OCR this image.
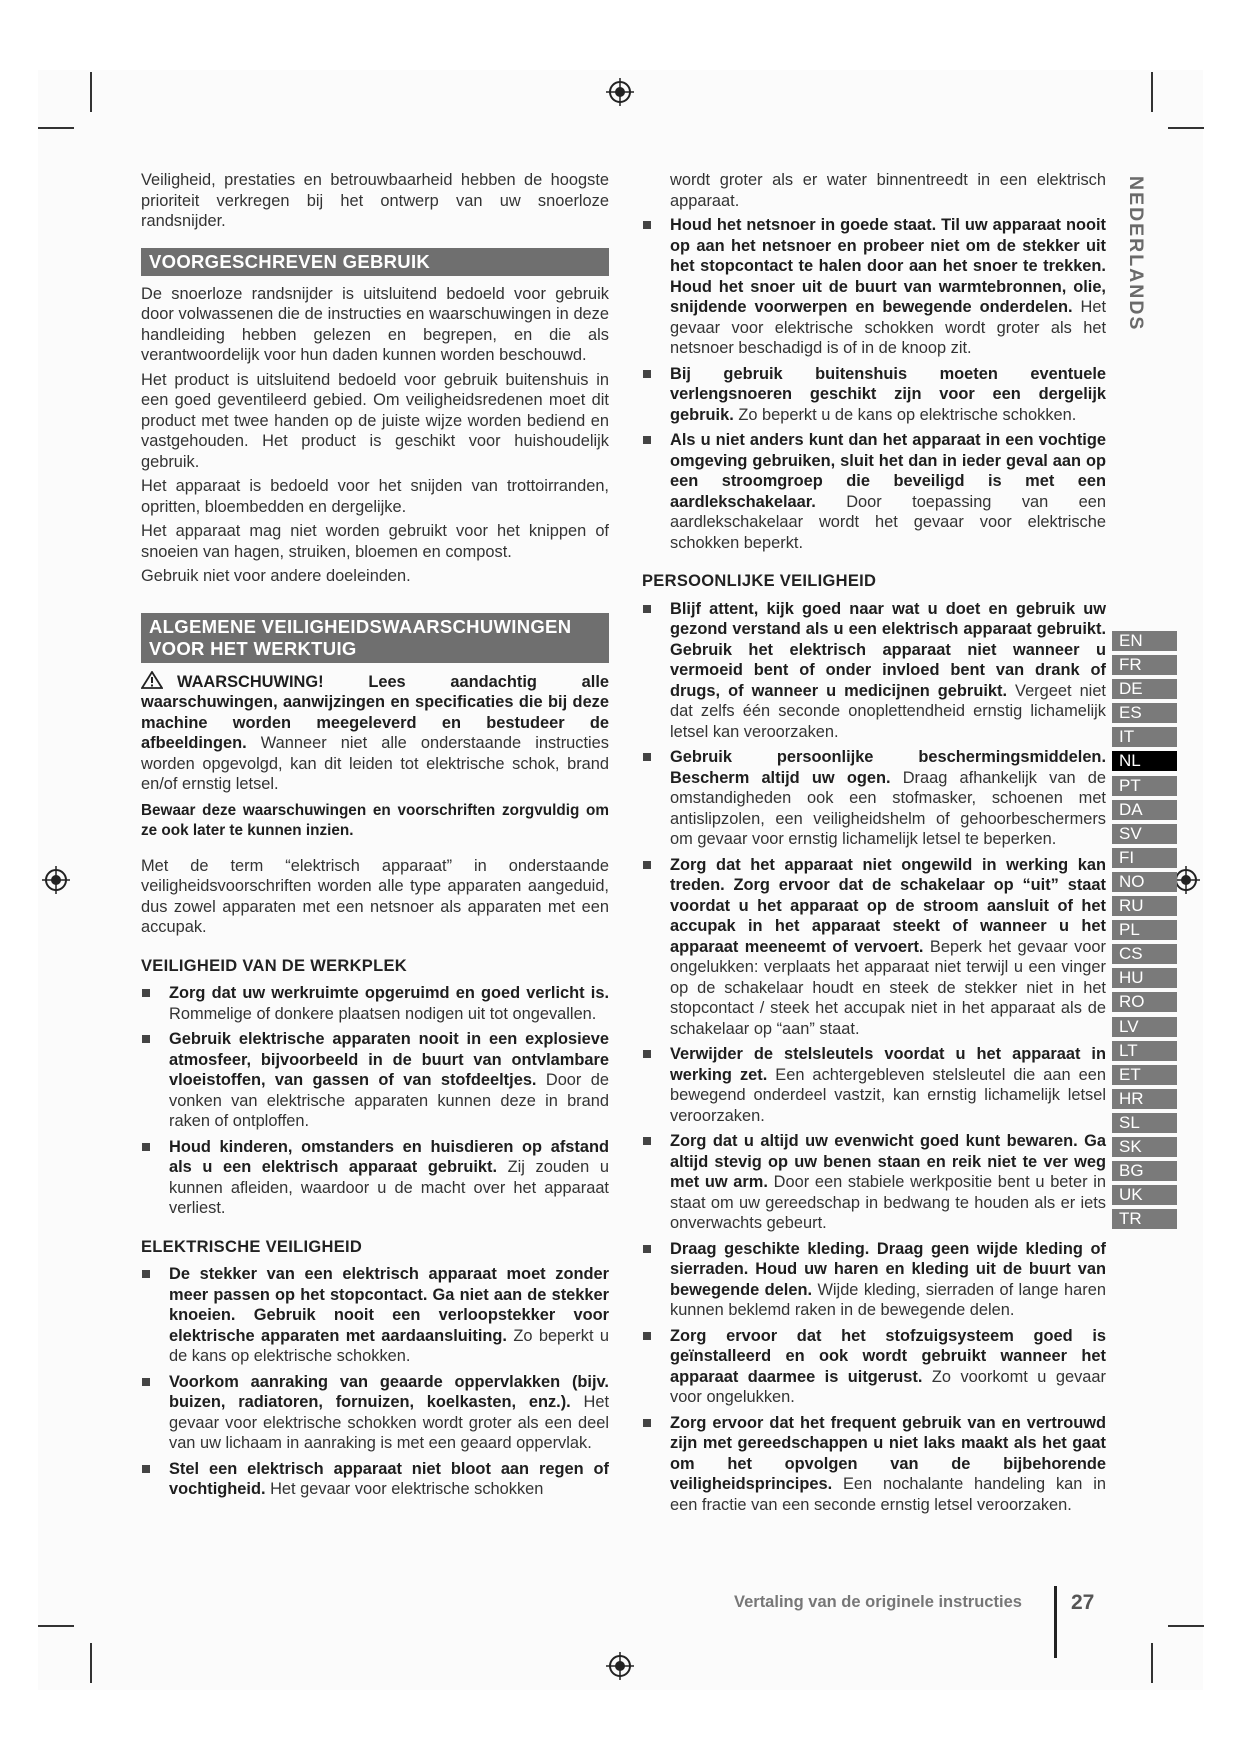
Veiligheid, prestaties en betrouwbaarheid hebben de hoogste prioriteit verkregen bij het ontwerp van uw snoerloze randsnijder.

VOORGESCHREVEN GEBRUIK

De snoerloze randsnijder is uitsluitend bedoeld voor gebruik door volwassenen die de instructies en waarschuwingen in deze handleiding hebben gelezen en begrepen, en die als verantwoordelijk voor hun daden kunnen worden beschouwd.

Het product is uitsluitend bedoeld voor gebruik buitenshuis in een goed geventileerd gebied. Om veiligheidsredenen moet dit product met twee handen op de juiste wijze worden bediend en vastgehouden. Het product is geschikt voor huishoudelijk gebruik.

Het apparaat is bedoeld voor het snijden van trottoirranden, opritten, bloembedden en dergelijke.

Het apparaat mag niet worden gebruikt voor het knippen of snoeien van hagen, struiken, bloemen en compost.

Gebruik niet voor andere doeleinden.

ALGEMENE VEILIGHEIDSWAARSCHUWINGEN VOOR HET WERKTUIG

WAARSCHUWING! Lees aandachtig alle waarschuwingen, aanwijzingen en specificaties die bij deze machine worden meegeleverd en bestudeer de afbeeldingen. Wanneer niet alle onderstaande instructies worden opgevolgd, kan dit leiden tot elektrische schok, brand en/of ernstig letsel.

Bewaar deze waarschuwingen en voorschriften zorgvuldig om ze ook later te kunnen inzien.

Met de term “elektrisch apparaat” in onderstaande veiligheidsvoorschriften worden alle type apparaten aangeduid, dus zowel apparaten met een netsnoer als apparaten met een accupak.

VEILIGHEID VAN DE WERKPLEK
Zorg dat uw werkruimte opgeruimd en goed verlicht is. Rommelige of donkere plaatsen nodigen uit tot ongevallen.
Gebruik elektrische apparaten nooit in een explosieve atmosfeer, bijvoorbeeld in de buurt van ontvlambare vloeistoffen, van gassen of van stofdeeltjes. Door de vonken van elektrische apparaten kunnen deze in brand raken of ontploffen.
Houd kinderen, omstanders en huisdieren op afstand als u een elektrisch apparaat gebruikt. Zij zouden u kunnen afleiden, waardoor u de macht over het apparaat verliest.
ELEKTRISCHE VEILIGHEID
De stekker van een elektrisch apparaat moet zonder meer passen op het stopcontact. Ga niet aan de stekker knoeien. Gebruik nooit een verloopstekker voor elektrische apparaten met aardaansluiting. Zo beperkt u de kans op elektrische schokken.
Voorkom aanraking van geaarde oppervlakken (bijv. buizen, radiatoren, fornuizen, koelkasten, enz.). Het gevaar voor elektrische schokken wordt groter als een deel van uw lichaam in aanraking is met een geaard oppervlak.
Stel een elektrisch apparaat niet bloot aan regen of vochtigheid. Het gevaar voor elektrische schokken

wordt groter als er water binnentreedt in een elektrisch apparaat.

Houd het netsnoer in goede staat. Til uw apparaat nooit op aan het netsnoer en probeer niet om de stekker uit het stopcontact te halen door aan het snoer te trekken. Houd het snoer uit de buurt van warmtebronnen, olie, snijdende voorwerpen en bewegende onderdelen. Het gevaar voor elektrische schokken wordt groter als het netsnoer beschadigd is of in de knoop zit.
Bij gebruik buitenshuis moeten eventuele verlengsnoeren geschikt zijn voor een dergelijk gebruik. Zo beperkt u de kans op elektrische schokken.
Als u niet anders kunt dan het apparaat in een vochtige omgeving gebruiken, sluit het dan in ieder geval aan op een stroomgroep die beveiligd is met een aardlekschakelaar. Door toepassing van een aardlekschakelaar wordt het gevaar voor elektrische schokken beperkt.
PERSOONLIJKE VEILIGHEID
Blijf attent, kijk goed naar wat u doet en gebruik uw gezond verstand als u een elektrisch apparaat gebruikt. Gebruik het elektrisch apparaat niet wanneer u vermoeid bent of onder invloed bent van drank of drugs, of wanneer u medicijnen gebruikt. Vergeet niet dat zelfs één seconde onoplettendheid ernstig lichamelijk letsel kan veroorzaken.
Gebruik persoonlijke beschermingsmiddelen. Bescherm altijd uw ogen. Draag afhankelijk van de omstandigheden ook een stofmasker, schoenen met antislipzolen, een veiligheidshelm of gehoorbeschermers om gevaar voor ernstig lichamelijk letsel te beperken.
Zorg dat het apparaat niet ongewild in werking kan treden. Zorg ervoor dat de schakelaar op “uit” staat voordat u het apparaat op de stroom aansluit of het accupak in het apparaat steekt of wanneer u het apparaat meeneemt of vervoert. Beperk het gevaar voor ongelukken: verplaats het apparaat niet terwijl u een vinger op de schakelaar houdt en steek de stekker niet in het stopcontact / steek het accupak niet in het apparaat als de schakelaar op “aan” staat.
Verwijder de stelsleutels voordat u het apparaat in werking zet. Een achtergebleven stelsleutel die aan een bewegend onderdeel vastzit, kan ernstig lichamelijk letsel veroorzaken.
Zorg dat u altijd uw evenwicht goed kunt bewaren. Ga altijd stevig op uw benen staan en reik niet te ver weg met uw arm. Door een stabiele werkpositie bent u beter in staat om uw gereedschap in bedwang te houden als er iets onverwachts gebeurt.
Draag geschikte kleding. Draag geen wijde kleding of sierraden. Houd uw haren en kleding uit de buurt van bewegende delen. Wijde kleding, sierraden of lange haren kunnen beklemd raken in de bewegende delen.
Zorg ervoor dat het stofzuigsysteem goed is geïnstalleerd en ook wordt gebruikt wanneer het apparaat daarmee is uitgerust. Zo voorkomt u gevaar voor ongelukken.
Zorg ervoor dat het frequent gebruik van en vertrouwd zijn met gereedschappen u niet laks maakt als het gaat om het opvolgen van de bijbehorende veiligheidsprincipes. Een nochalante handeling kan in een fractie van een seconde ernstig letsel veroorzaken.
NEDERLANDS
EN
FR
DE
ES
IT
NL
PT
DA
SV
FI
NO
RU
PL
CS
HU
RO
LV
LT
ET
HR
SL
SK
BG
UK
TR
Vertaling van de originele instructies 27
